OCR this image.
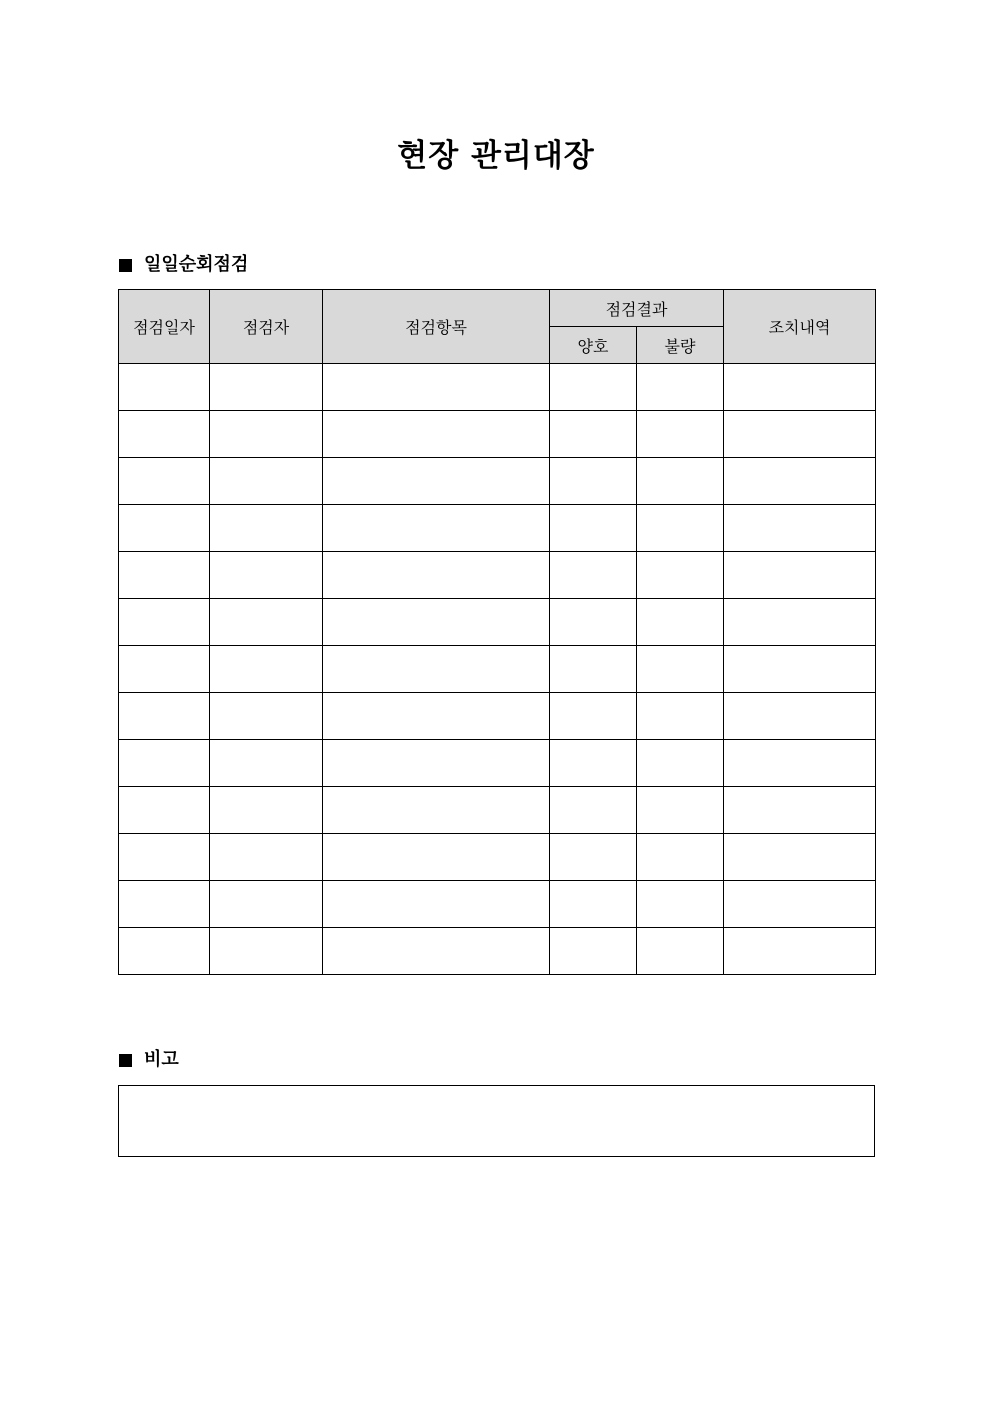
현장 관리대장
일일순회점검
점검일자	점검자	점검항목	점검결과		조치내역
			양호	불량	

비고
